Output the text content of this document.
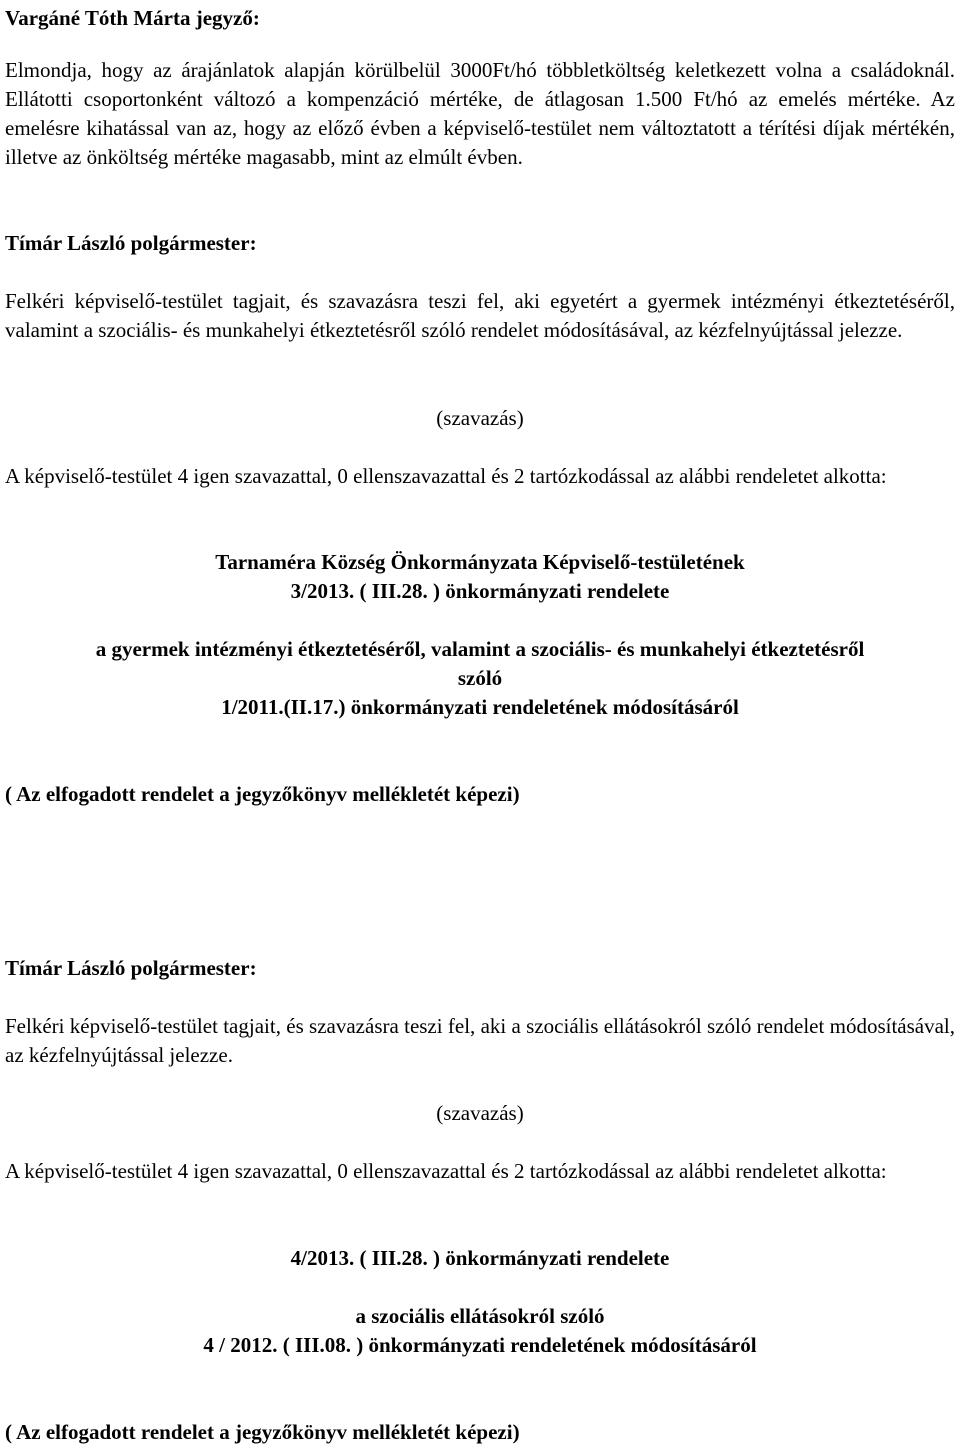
Vargáné Tóth Márta jegyző:
Elmondja, hogy az árajánlatok alapján körülbelül 3000Ft/hó többletköltség keletkezett volna a családoknál. Ellátotti csoportonként változó a kompenzáció mértéke, de átlagosan 1.500 Ft/hó az emelés mértéke. Az emelésre kihatással van az, hogy az előző évben a képviselő-testület nem változtatott a térítési díjak mértékén, illetve az önköltség mértéke magasabb, mint az elmúlt évben.
Tímár László polgármester:
Felkéri képviselő-testület tagjait, és szavazásra teszi fel, aki egyetért a gyermek intézményi étkeztetéséről, valamint a szociális- és munkahelyi étkeztetésről szóló rendelet módosításával, az kézfelnyújtással jelezze.
(szavazás)
A képviselő-testület 4 igen szavazattal, 0 ellenszavazattal és 2 tartózkodással az alábbi rendeletet alkotta:
Tarnaméra Község Önkormányzata Képviselő-testületének
3/2013. ( III.28. ) önkormányzati rendelete
a gyermek intézményi étkeztetéséről, valamint a szociális- és munkahelyi étkeztetésről
szóló
1/2011.(II.17.) önkormányzati rendeletének módosításáról
( Az elfogadott rendelet a jegyzőkönyv mellékletét képezi)
Tímár László polgármester:
Felkéri képviselő-testület tagjait, és szavazásra teszi fel, aki a szociális ellátásokról szóló rendelet módosításával, az kézfelnyújtással jelezze.
(szavazás)
A képviselő-testület 4 igen szavazattal, 0 ellenszavazattal és 2 tartózkodással az alábbi rendeletet alkotta:
4/2013. ( III.28. ) önkormányzati rendelete
a szociális ellátásokról szóló
4 / 2012. ( III.08. ) önkormányzati rendeletének módosításáról
( Az elfogadott rendelet a jegyzőkönyv mellékletét képezi)
